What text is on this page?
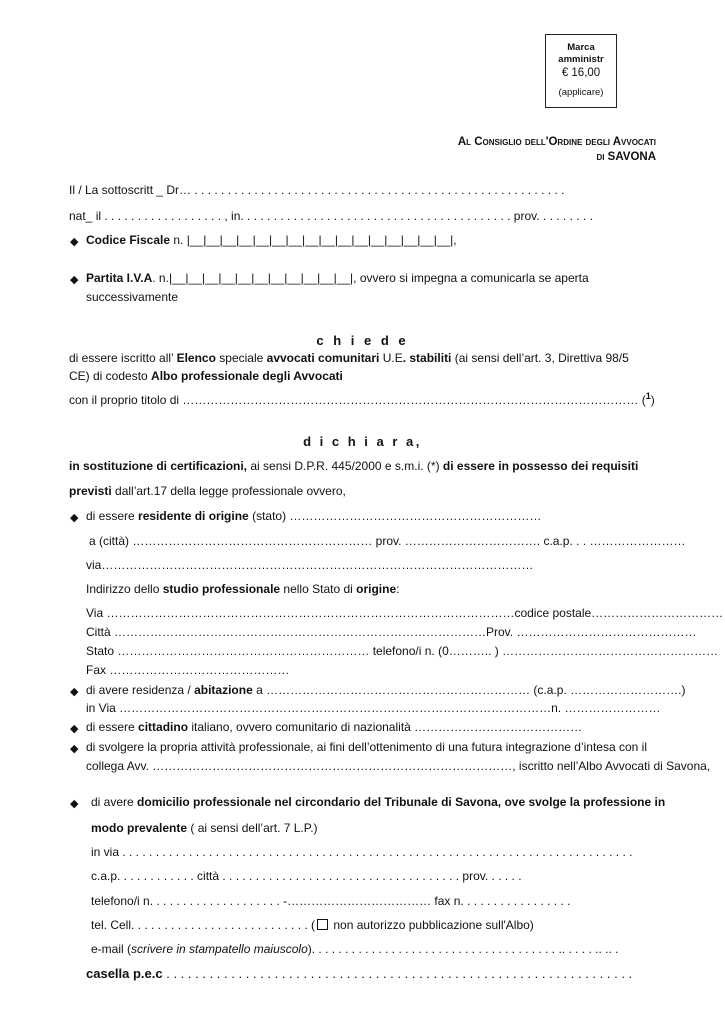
Marca
amministr
€ 16,00
(applicare)
Al Consiglio dell'Ordine degli Avvocati
di SAVONA
Il / La sottoscritt _ Dr… . . . . . . . . . . . . . . . . . . . . . . . . . . . . . . . . . . . . . . . . . . . . . . . . . . . . . . . .
nat_ il . . . . . . . . . . . . . . . . . . , in. . . . . . . . . . . . . . . . . . . . . . . . . . . . . . . . . . . . . . . . . prov. . . . . . . . .
◆ Codice Fiscale n. |__|__|__|__|__|__|__|__|__|__|__|__|__|__|__|__|,
◆ Partita I.V.A. n.|__|__|__|__|__|__|__|__|__|__|__|, ovvero si impegna a comunicarla se aperta
successivamente
c h i e d e
di essere iscritto all’ Elenco speciale avvocati comunitari U.E. stabiliti (ai sensi dell’art. 3, Direttiva 98/5
CE) di codesto Albo professionale degli Avvocati
con il proprio titolo di …………………………………………………………………………………………………… ($^1$)
d i c h i a r a,
in sostituzione di certificazioni, ai sensi D.P.R. 445/2000 e s.m.i. (*) di essere in possesso dei requisiti
previsti dall’art.17 della legge professionale ovvero,
◆ di essere residente di origine (stato) ………………………………………………………
a (città) …………………………………………………… prov. ……………………………. c.a.p. . . ……………………
via………………………………………………………………………………………………
Indirizzo dello studio professionale nello Stato di origine:
Via …………………………………………………………………………………………codice postale……………………………
Città …………………………………………………………………………………Prov. ………………………………………
Stato ……………………………………………………… telefono/i n. (0……….. ) ………………………………………………
Fax ………………………………………
◆ di avere residenza / abitazione a ………………………………………………………… (c.a.p. ……………………….)
in Via ………………………………………………………………………………………………n. ……………………
◆ di essere cittadino italiano, ovvero comunitario di nazionalità ……………………………………
◆ di svolgere la propria attività professionale, ai fini dell’ottenimento di una futura integrazione d’intesa con il
collega Avv. ………………………………………………………………………………, iscritto nell’Albo Avvocati di Savona,
◆ di avere domicilio professionale nel circondario del Tribunale di Savona, ove svolge la professione in
modo prevalente ( ai sensi dell’art. 7 L.P.)
in via . . . . . . . . . . . . . . . . . . . . . . . . . . . . . . . . . . . . . . . . . . . . . . . . . . . . . . . . . . . . . . . . . . . . . . . . . . . . .
c.a.p. . . . . . . . . . . . città . . . . . . . . . . . . . . . . . . . . . . . . . . . . . . . . . . . . prov. . . . . .
telefono/i n. . . . . . . . . . . . . . . . . . . . -……………………………… fax n. . . . . . . . . . . . . . . . .
tel. Cell. . . . . . . . . . . . . . . . . . . . . . . . . . . ( non autorizzo pubblicazione sull'Albo)
e-mail (scrivere in stampatello maiuscolo). . . . . . . . . . . . . . . . . . . . . . . . . . . . . . . . . . . . . .. . . . . .. .. .
casella p.e.c . . . . . . . . . . . . . . . . . . . . . . . . . . . . . . . . . . . . . . . . . . . . . . . . . . . . . . . . . . . . . . . . .
